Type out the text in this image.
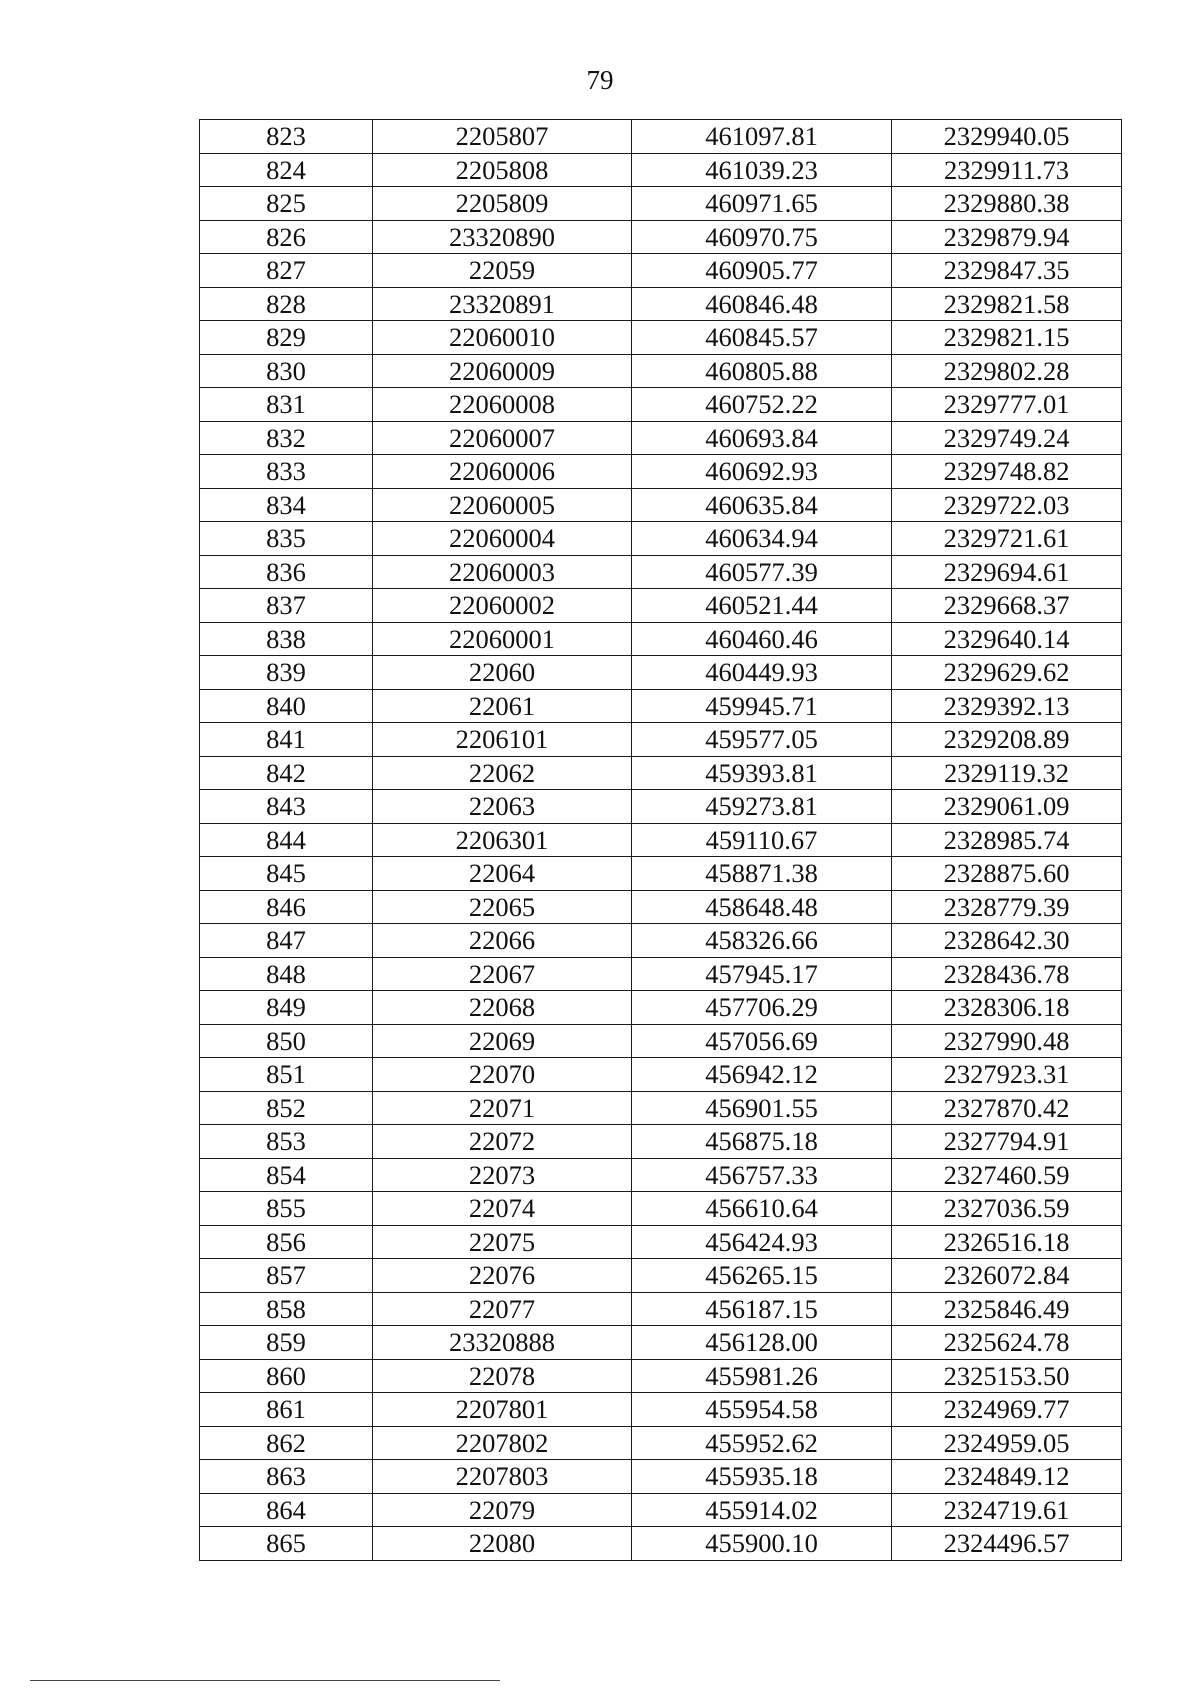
79
823	2205807	461097.81	2329940.05
824	2205808	461039.23	2329911.73
825	2205809	460971.65	2329880.38
826	23320890	460970.75	2329879.94
827	22059	460905.77	2329847.35
828	23320891	460846.48	2329821.58
829	22060010	460845.57	2329821.15
830	22060009	460805.88	2329802.28
831	22060008	460752.22	2329777.01
832	22060007	460693.84	2329749.24
833	22060006	460692.93	2329748.82
834	22060005	460635.84	2329722.03
835	22060004	460634.94	2329721.61
836	22060003	460577.39	2329694.61
837	22060002	460521.44	2329668.37
838	22060001	460460.46	2329640.14
839	22060	460449.93	2329629.62
840	22061	459945.71	2329392.13
841	2206101	459577.05	2329208.89
842	22062	459393.81	2329119.32
843	22063	459273.81	2329061.09
844	2206301	459110.67	2328985.74
845	22064	458871.38	2328875.60
846	22065	458648.48	2328779.39
847	22066	458326.66	2328642.30
848	22067	457945.17	2328436.78
849	22068	457706.29	2328306.18
850	22069	457056.69	2327990.48
851	22070	456942.12	2327923.31
852	22071	456901.55	2327870.42
853	22072	456875.18	2327794.91
854	22073	456757.33	2327460.59
855	22074	456610.64	2327036.59
856	22075	456424.93	2326516.18
857	22076	456265.15	2326072.84
858	22077	456187.15	2325846.49
859	23320888	456128.00	2325624.78
860	22078	455981.26	2325153.50
861	2207801	455954.58	2324969.77
862	2207802	455952.62	2324959.05
863	2207803	455935.18	2324849.12
864	22079	455914.02	2324719.61
865	22080	455900.10	2324496.57
